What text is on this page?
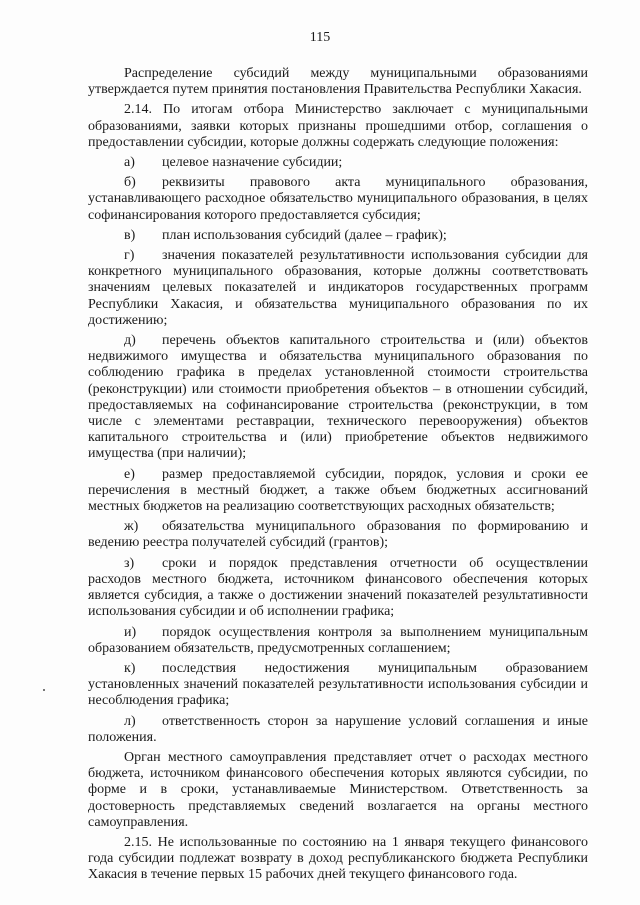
115

Распределение субсидий между муниципальными образованиями утверждается путем принятия постановления Правительства Республики Хакасия.

2.14. По итогам отбора Министерство заключает с муниципальными образованиями, заявки которых признаны прошедшими отбор, соглашения о предоставлении субсидии, которые должны содержать следующие положения:

а) целевое назначение субсидии;
б) реквизиты правового акта муниципального образования, устанавливающего расходное обязательство муниципального образования, в целях софинансирования которого предоставляется субсидия;
в) план использования субсидий (далее – график);
г) значения показателей результативности использования субсидии для конкретного муниципального образования, которые должны соответствовать значениям целевых показателей и индикаторов государственных программ Республики Хакасия, и обязательства муниципального образования по их достижению;
д) перечень объектов капитального строительства и (или) объектов недвижимого имущества и обязательства муниципального образования по соблюдению графика в пределах установленной стоимости строительства (реконструкции) или стоимости приобретения объектов – в отношении субсидий, предоставляемых на софинансирование строительства (реконструкции, в том числе с элементами реставрации, технического перевооружения) объектов капитального строительства и (или) приобретение объектов недвижимого имущества (при наличии);
е) размер предоставляемой субсидии, порядок, условия и сроки ее перечисления в местный бюджет, а также объем бюджетных ассигнований местных бюджетов на реализацию соответствующих расходных обязательств;
ж) обязательства муниципального образования по формированию и ведению реестра получателей субсидий (грантов);
з) сроки и порядок представления отчетности об осуществлении расходов местного бюджета, источником финансового обеспечения которых является субсидия, а также о достижении значений показателей результативности использования субсидии и об исполнении графика;
и) порядок осуществления контроля за выполнением муниципальным образованием обязательств, предусмотренных соглашением;
к) последствия недостижения муниципальным образованием установленных значений показателей результативности использования субсидии и несоблюдения графика;
л) ответственность сторон за нарушение условий соглашения и иные положения.

Орган местного самоуправления представляет отчет о расходах местного бюджета, источником финансового обеспечения которых являются субсидии, по форме и в сроки, устанавливаемые Министерством. Ответственность за достоверность представляемых сведений возлагается на органы местного самоуправления.

2.15. Не использованные по состоянию на 1 января текущего финансового года субсидии подлежат возврату в доход республиканского бюджета Республики Хакасия в течение первых 15 рабочих дней текущего финансового года.
